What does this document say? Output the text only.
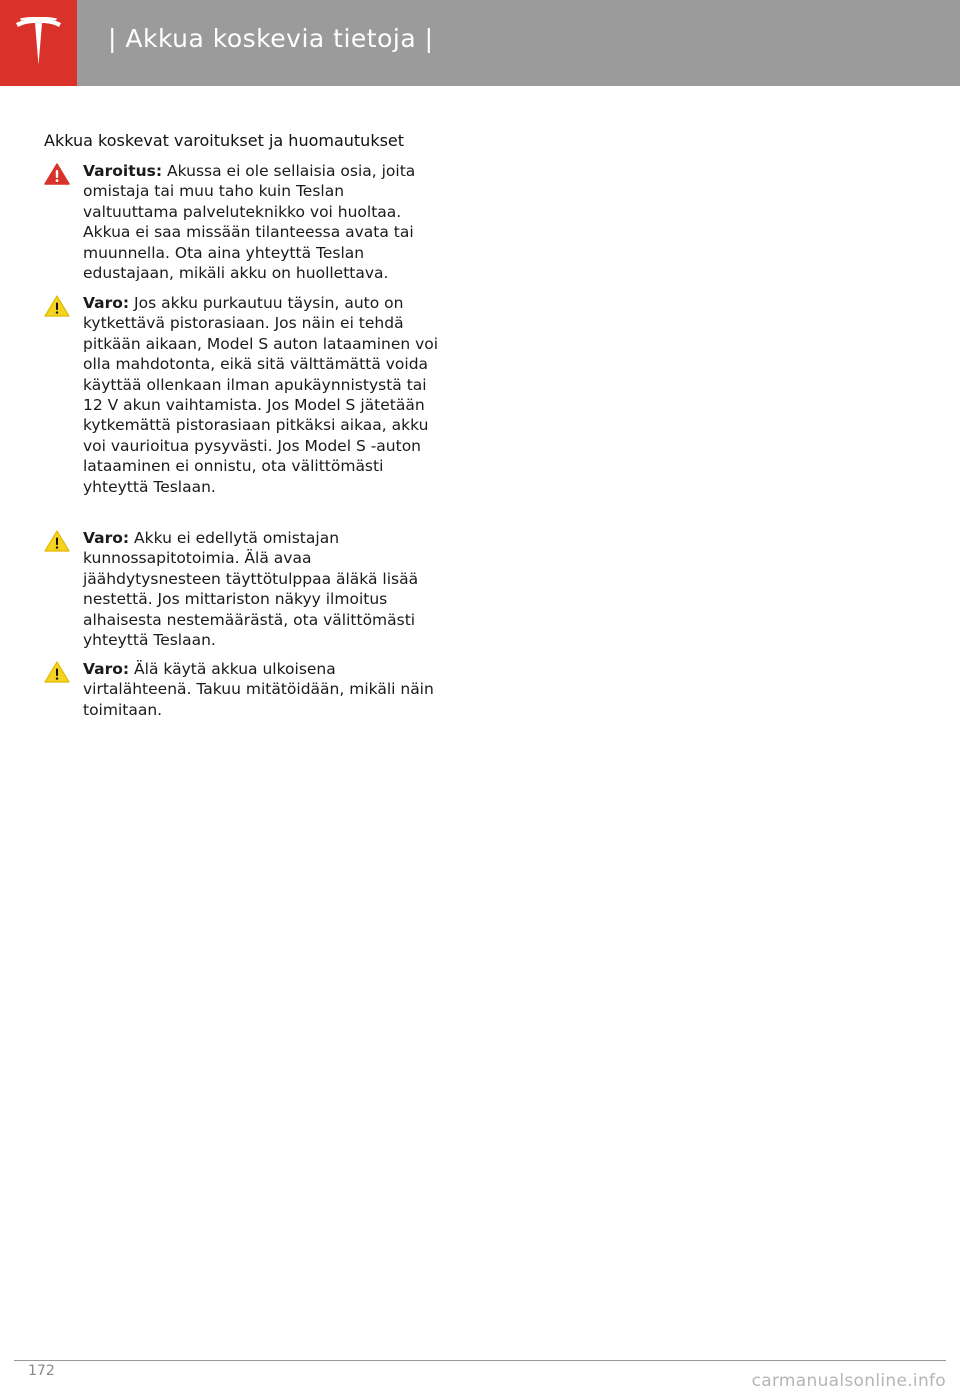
| Akkua koskevia tietoja |
Akkua koskevat varoitukset ja huomautukset
Varoitus: Akussa ei ole sellaisia osia, joita omistaja tai muu taho kuin Teslan valtuuttama palveluteknikko voi huoltaa. Akkua ei saa missään tilanteessa avata tai muunnella. Ota aina yhteyttä Teslan edustajaan, mikäli akku on huollettava.
Varo: Jos akku purkautuu täysin, auto on kytkettävä pistorasiaan. Jos näin ei tehdä pitkään aikaan, Model S auton lataaminen voi olla mahdotonta, eikä sitä välttämättä voida käyttää ollenkaan ilman apukäynnistystä tai 12 V akun vaihtamista. Jos Model S jätetään kytkemättä pistorasiaan pitkäksi aikaa, akku voi vaurioitua pysyvästi. Jos Model S -auton lataaminen ei onnistu, ota välittömästi yhteyttä Teslaan.
Varo: Akku ei edellytä omistajan kunnossapitotoimia. Älä avaa jäähdytysnesteen täyttötulppaa äläkä lisää nestettä. Jos mittariston näkyy ilmoitus alhaisesta nestemäärästä, ota välittömästi yhteyttä Teslaan.
Varo: Älä käytä akkua ulkoisena virtalähteenä. Takuu mitätöidään, mikäli näin toimitaan.
172	carmanualsonline.info
